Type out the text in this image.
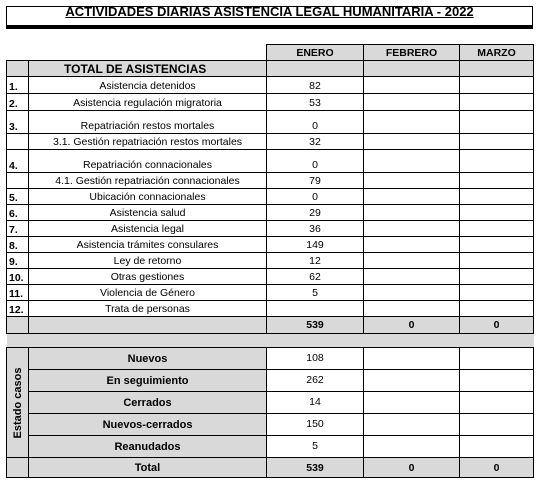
ACTIVIDADES DIARIAS ASISTENCIA LEGAL HUMANITARIA - 2022
		ENERO	FEBRERO	MARZO
	TOTAL DE ASISTENCIAS			
1.	Asistencia detenidos	82		
2.	Asistencia regulación migratoria	53		
3.	Repatriación restos mortales	0		
	3.1. Gestión repatriación restos mortales	32		
4.	Repatriación connacionales	0		
	4.1. Gestión repatriación connacionales	79		
5.	Ubicación connacionales	0		
6.	Asistencia salud	29		
7.	Asistencia legal	36		
8.	Asistencia trámites consulares	149		
9.	Ley de retorno	12		
10.	Otras gestiones	62		
11.	Violencia de Género	5		
12.	Trata de personas			
		539	0	0

Estado casos	Nuevos	108		
	En seguimiento	262		
	Cerrados	14		
	Nuevos-cerrados	150		
	Reanudados	5		
	Total	539	0	0
